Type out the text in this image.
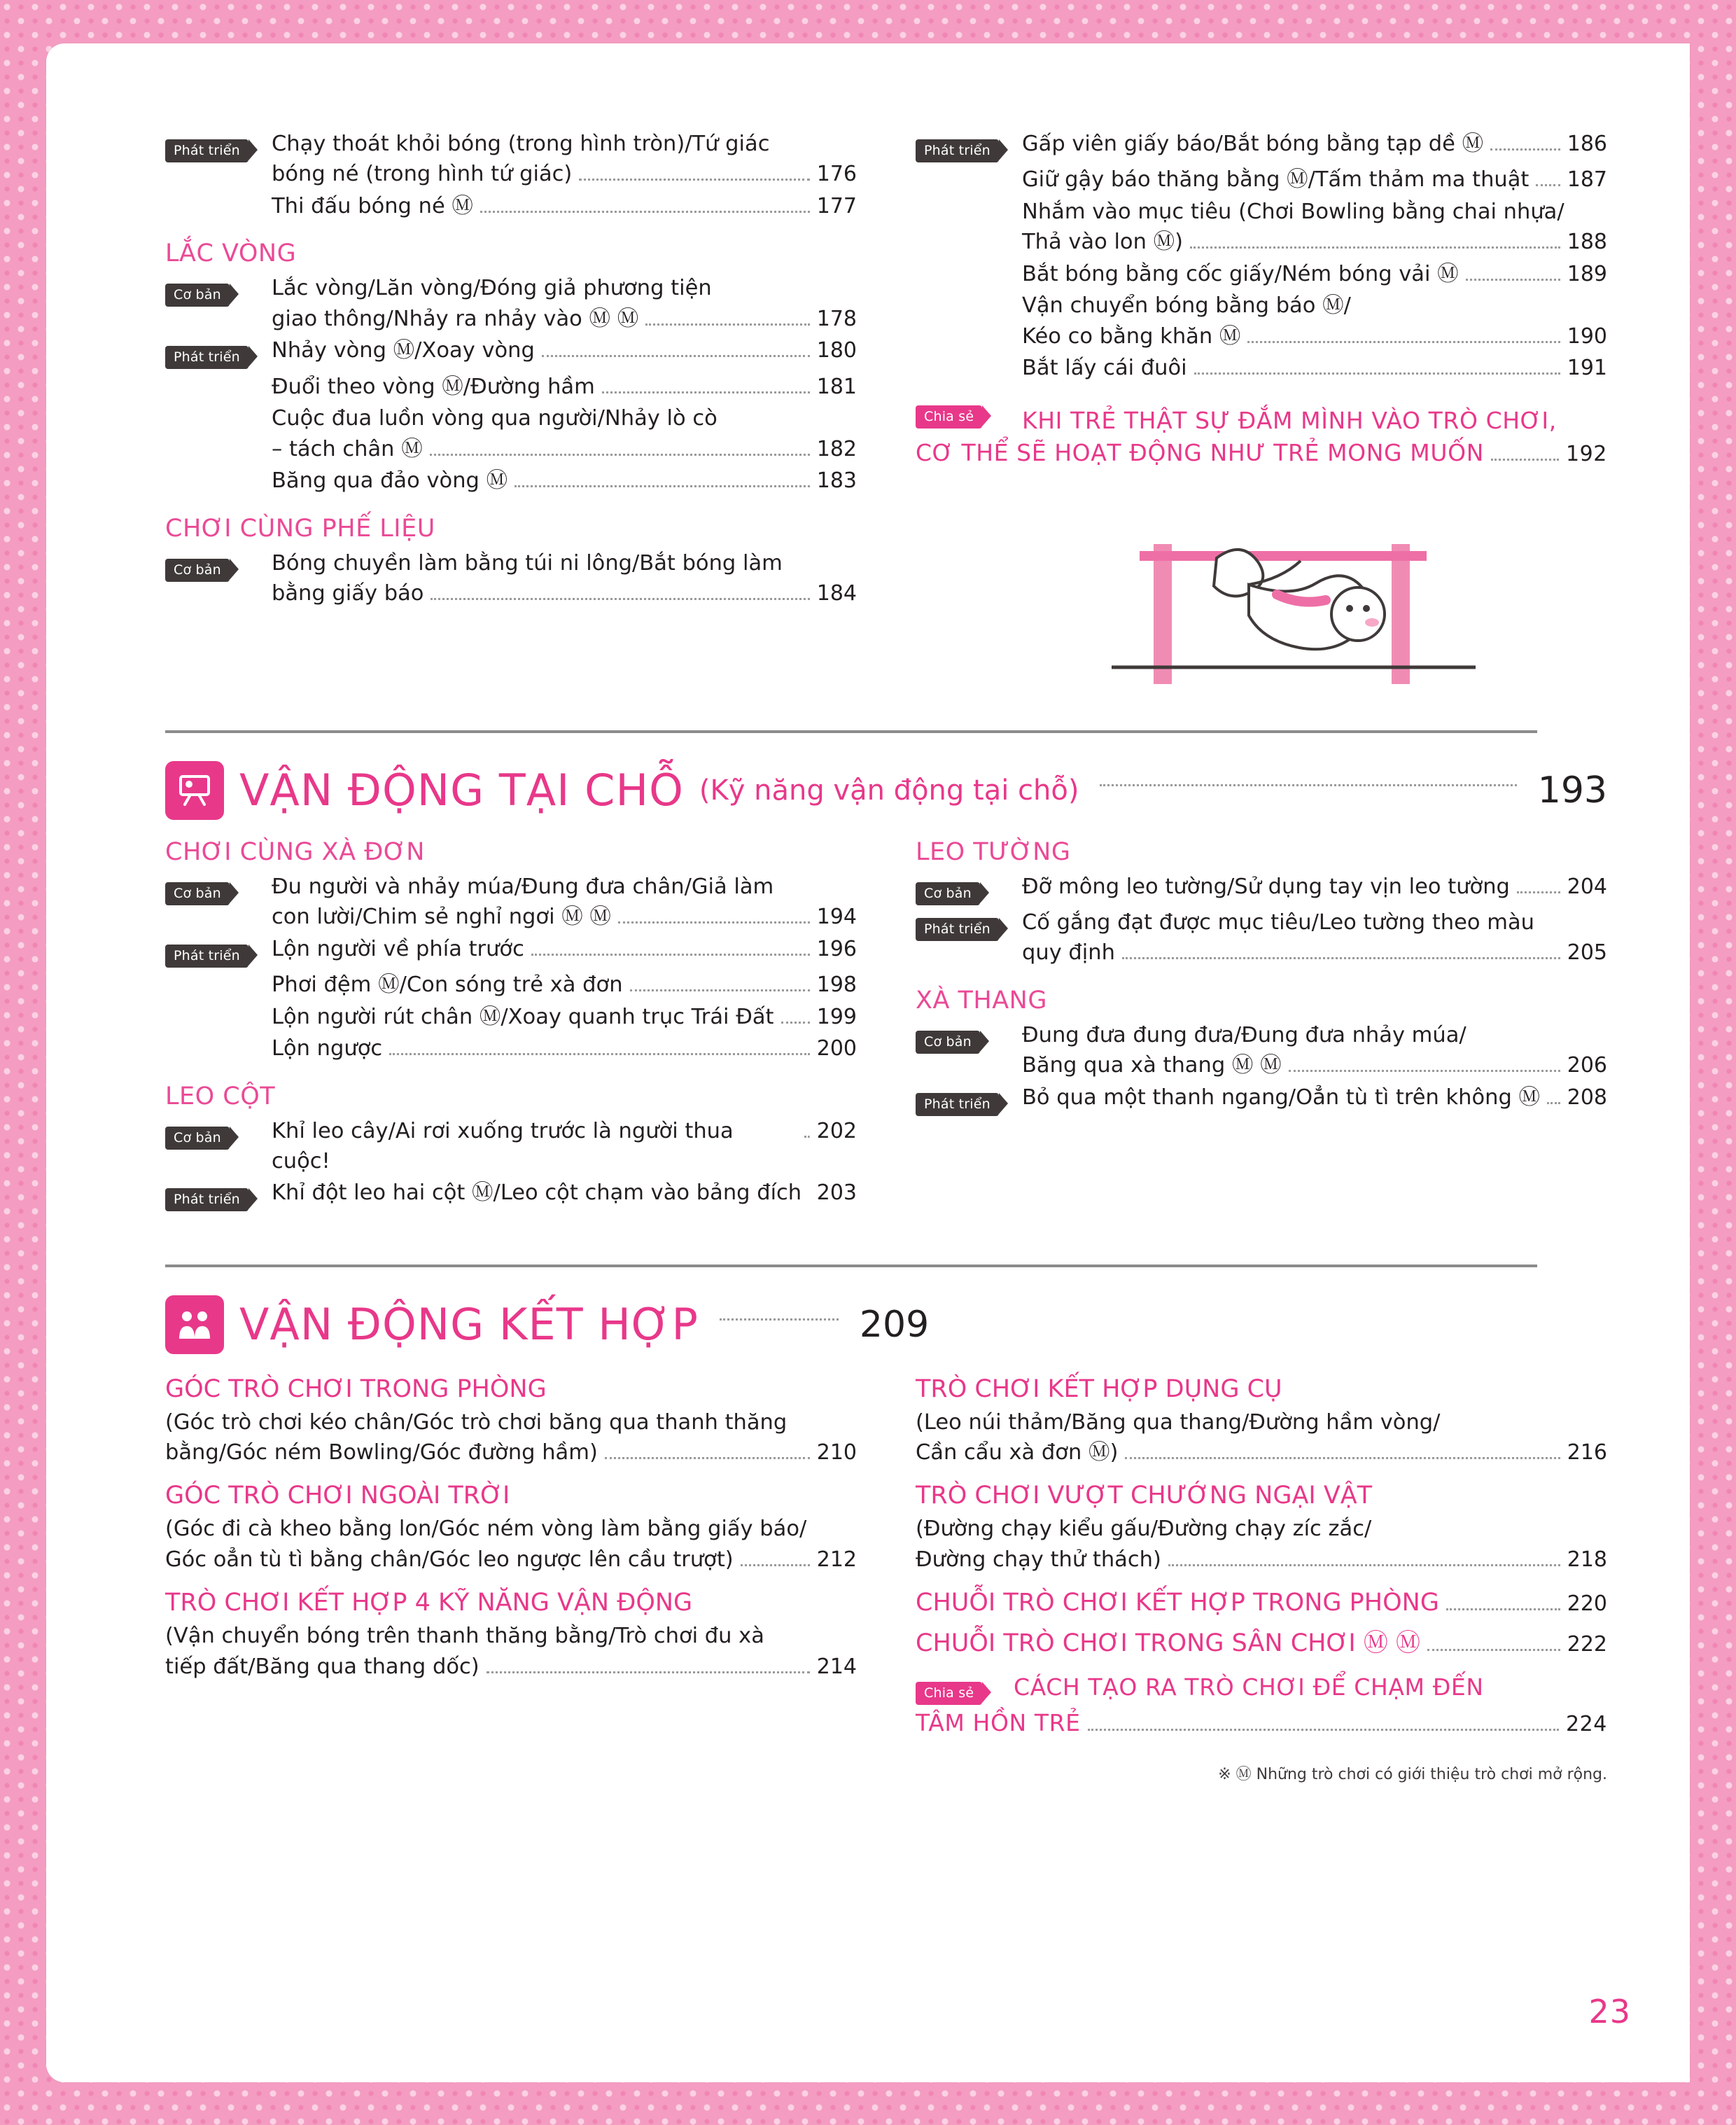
Phát triển	Chạy thoát khỏi bóng (trong hình tròn)/Tứ giác
bóng né (trong hình tứ giác)	176
Thi đấu bóng né Ⓜ	177
LẮC VÒNG
Cơ bản	Lắc vòng/Lăn vòng/Đóng giả phương tiện
giao thông/Nhảy ra nhảy vào Ⓜ Ⓜ	178
Phát triển	Nhảy vòng Ⓜ/Xoay vòng	180
Đuổi theo vòng Ⓜ/Đường hầm	181
Cuộc đua luồn vòng qua người/Nhảy lò cò
– tách chân Ⓜ	182
Băng qua đảo vòng Ⓜ	183
CHƠI CÙNG PHẾ LIỆU
Cơ bản	Bóng chuyền làm bằng túi ni lông/Bắt bóng làm
bằng giấy báo	184
Phát triển	Gấp viên giấy báo/Bắt bóng bằng tạp dề Ⓜ	186
Giữ gậy báo thăng bằng Ⓜ/Tấm thảm ma thuật 187
Nhắm vào mục tiêu (Chơi Bowling bằng chai nhựa/
Thả vào lon Ⓜ)	188
Bắt bóng bằng cốc giấy/Ném bóng vải Ⓜ	189
Vận chuyển bóng bằng báo Ⓜ/
Kéo co bằng khăn Ⓜ	190
Bắt lấy cái đuôi	191
Chia sẻ	KHI TRẺ THẬT SỰ ĐẮM MÌNH VÀO TRÒ CHƠI,
CƠ THỂ SẼ HOẠT ĐỘNG NHƯ TRẺ MONG MUỐN	192
VẬN ĐỘNG TẠI CHỖ (Kỹ năng vận động tại chỗ)	193
CHƠI CÙNG XÀ ĐƠN
Cơ bản	Đu người và nhảy múa/Đung đưa chân/Giả làm
con lười/Chim sẻ nghỉ ngơi Ⓜ Ⓜ	194
Phát triển	Lộn người về phía trước	196
Phơi đệm Ⓜ/Con sóng trẻ xà đơn	198
Lộn người rút chân Ⓜ/Xoay quanh trục Trái Đất 199
Lộn ngược	200
LEO CỘT
Cơ bản	Khỉ leo cây/Ai rơi xuống trước là người thua cuộc!
202
Phát triển	Khỉ đột leo hai cột Ⓜ/Leo cột chạm vào bảng đích 203
LEO TƯỜNG
Cơ bản	Đỡ mông leo tường/Sử dụng tay vịn leo tường	204
Phát triển	Cố gắng đạt được mục tiêu/Leo tường theo màu
quy định	205
XÀ THANG
Cơ bản	Đung đưa đung đưa/Đung đưa nhảy múa/
Băng qua xà thang Ⓜ Ⓜ	206
Phát triển	Bỏ qua một thanh ngang/Oẳn tù tì trên không Ⓜ 208
VẬN ĐỘNG KẾT HỢP	209
GÓC TRÒ CHƠI TRONG PHÒNG
(Góc trò chơi kéo chân/Góc trò chơi băng qua thanh thăng
bằng/Góc ném Bowling/Góc đường hầm)	210
GÓC TRÒ CHƠI NGOÀI TRỜI
(Góc đi cà kheo bằng lon/Góc ném vòng làm bằng giấy báo/
Góc oẳn tù tì bằng chân/Góc leo ngược lên cầu trượt)	212
TRÒ CHƠI KẾT HỢP 4 KỸ NĂNG VẬN ĐỘNG
(Vận chuyển bóng trên thanh thăng bằng/Trò chơi đu xà
tiếp đất/Băng qua thang dốc)	214
TRÒ CHƠI KẾT HỢP DỤNG CỤ
(Leo núi thảm/Băng qua thang/Đường hầm vòng/
Cần cẩu xà đơn Ⓜ)	216
TRÒ CHƠI VƯỢT CHƯỚNG NGẠI VẬT
(Đường chạy kiểu gấu/Đường chạy zíc zắc/
Đường chạy thử thách)	218
CHUỖI TRÒ CHƠI KẾT HỢP TRONG PHÒNG	220
CHUỖI TRÒ CHƠI TRONG SÂN CHƠI Ⓜ Ⓜ	222
Chia sẻ	CÁCH TẠO RA TRÒ CHƠI ĐỂ CHẠM ĐẾN
TÂM HỒN TRẺ	224
※ Ⓜ Những trò chơi có giới thiệu trò chơi mở rộng.
23
